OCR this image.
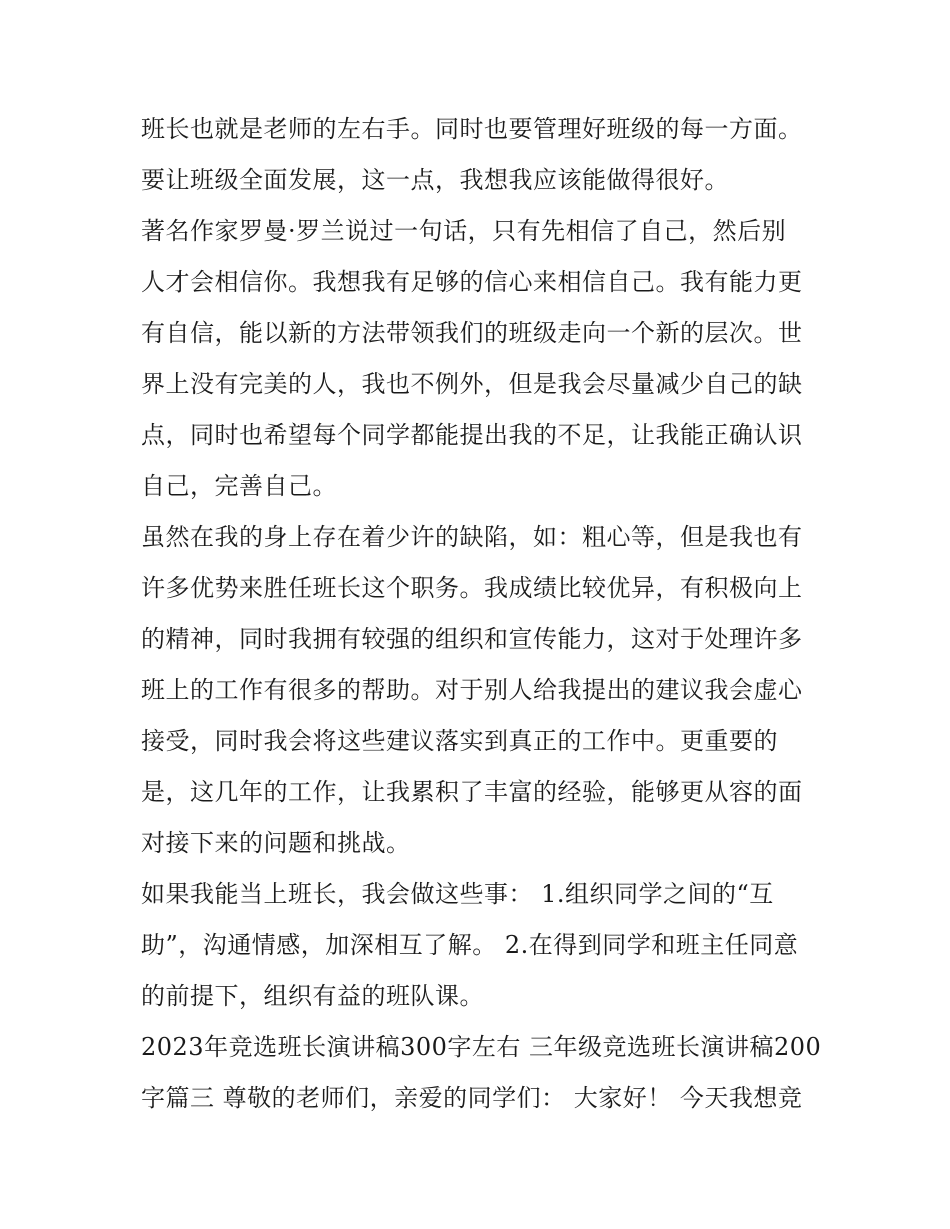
班长也就是老师的左右手。同时也要管理好班级的每一方面。
要让班级全面发展，这一点，我想我应该能做得很好。
著名作家罗曼·罗兰说过一句话，只有先相信了自己，然后别
人才会相信你。我想我有足够的信心来相信自己。我有能力更
有自信，能以新的方法带领我们的班级走向一个新的层次。世
界上没有完美的人，我也不例外，但是我会尽量减少自己的缺
点，同时也希望每个同学都能提出我的不足，让我能正确认识
自己，完善自己。
虽然在我的身上存在着少许的缺陷，如：粗心等，但是我也有
许多优势来胜任班长这个职务。我成绩比较优异，有积极向上
的精神，同时我拥有较强的组织和宣传能力，这对于处理许多
班上的工作有很多的帮助。对于别人给我提出的建议我会虚心
接受，同时我会将这些建议落实到真正的工作中。更重要的
是，这几年的工作，让我累积了丰富的经验，能够更从容的面
对接下来的问题和挑战。
如果我能当上班长，我会做这些事： 1.组织同学之间的“互
助”，沟通情感，加深相互了解。 2.在得到同学和班主任同意
的前提下，组织有益的班队课。
2023年竞选班长演讲稿300字左右 三年级竞选班长演讲稿200
字篇三 尊敬的老师们，亲爱的同学们： 大家好！ 今天我想竞
